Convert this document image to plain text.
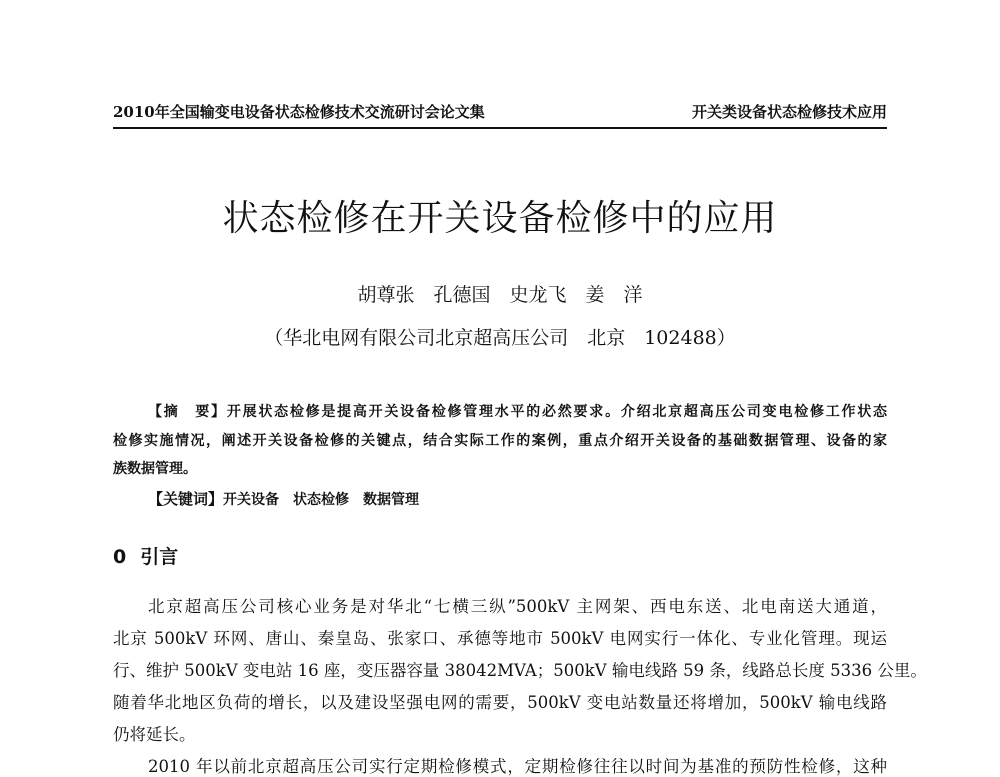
2010年全国输变电设备状态检修技术交流研讨会论文集	开关类设备状态检修技术应用
状态检修在开关设备检修中的应用
胡尊张　孔德国　史龙飞　姜　洋
（华北电网有限公司北京超高压公司　北京　102488）
【摘　要】开展状态检修是提高开关设备检修管理水平的必然要求。介绍北京超高压公司变电检修工作状态
检修实施情况，阐述开关设备检修的关键点，结合实际工作的案例，重点介绍开关设备的基础数据管理、设备的家
族数据管理。
【关键词】开关设备　状态检修　数据管理
0 引言
北京超高压公司核心业务是对华北“七横三纵”500kV 主网架、西电东送、北电南送大通道，
北京 500kV 环网、唐山、秦皇岛、张家口、承德等地市 500kV 电网实行一体化、专业化管理。现运
行、维护 500kV 变电站 16 座，变压器容量 38042MVA；500kV 输电线路 59 条，线路总长度 5336 公里。
随着华北地区负荷的增长，以及建设坚强电网的需要，500kV 变电站数量还将增加，500kV 输电线路
仍将延长。
2010 年以前北京超高压公司实行定期检修模式，定期检修往往以时间为基准的预防性检修，这种
